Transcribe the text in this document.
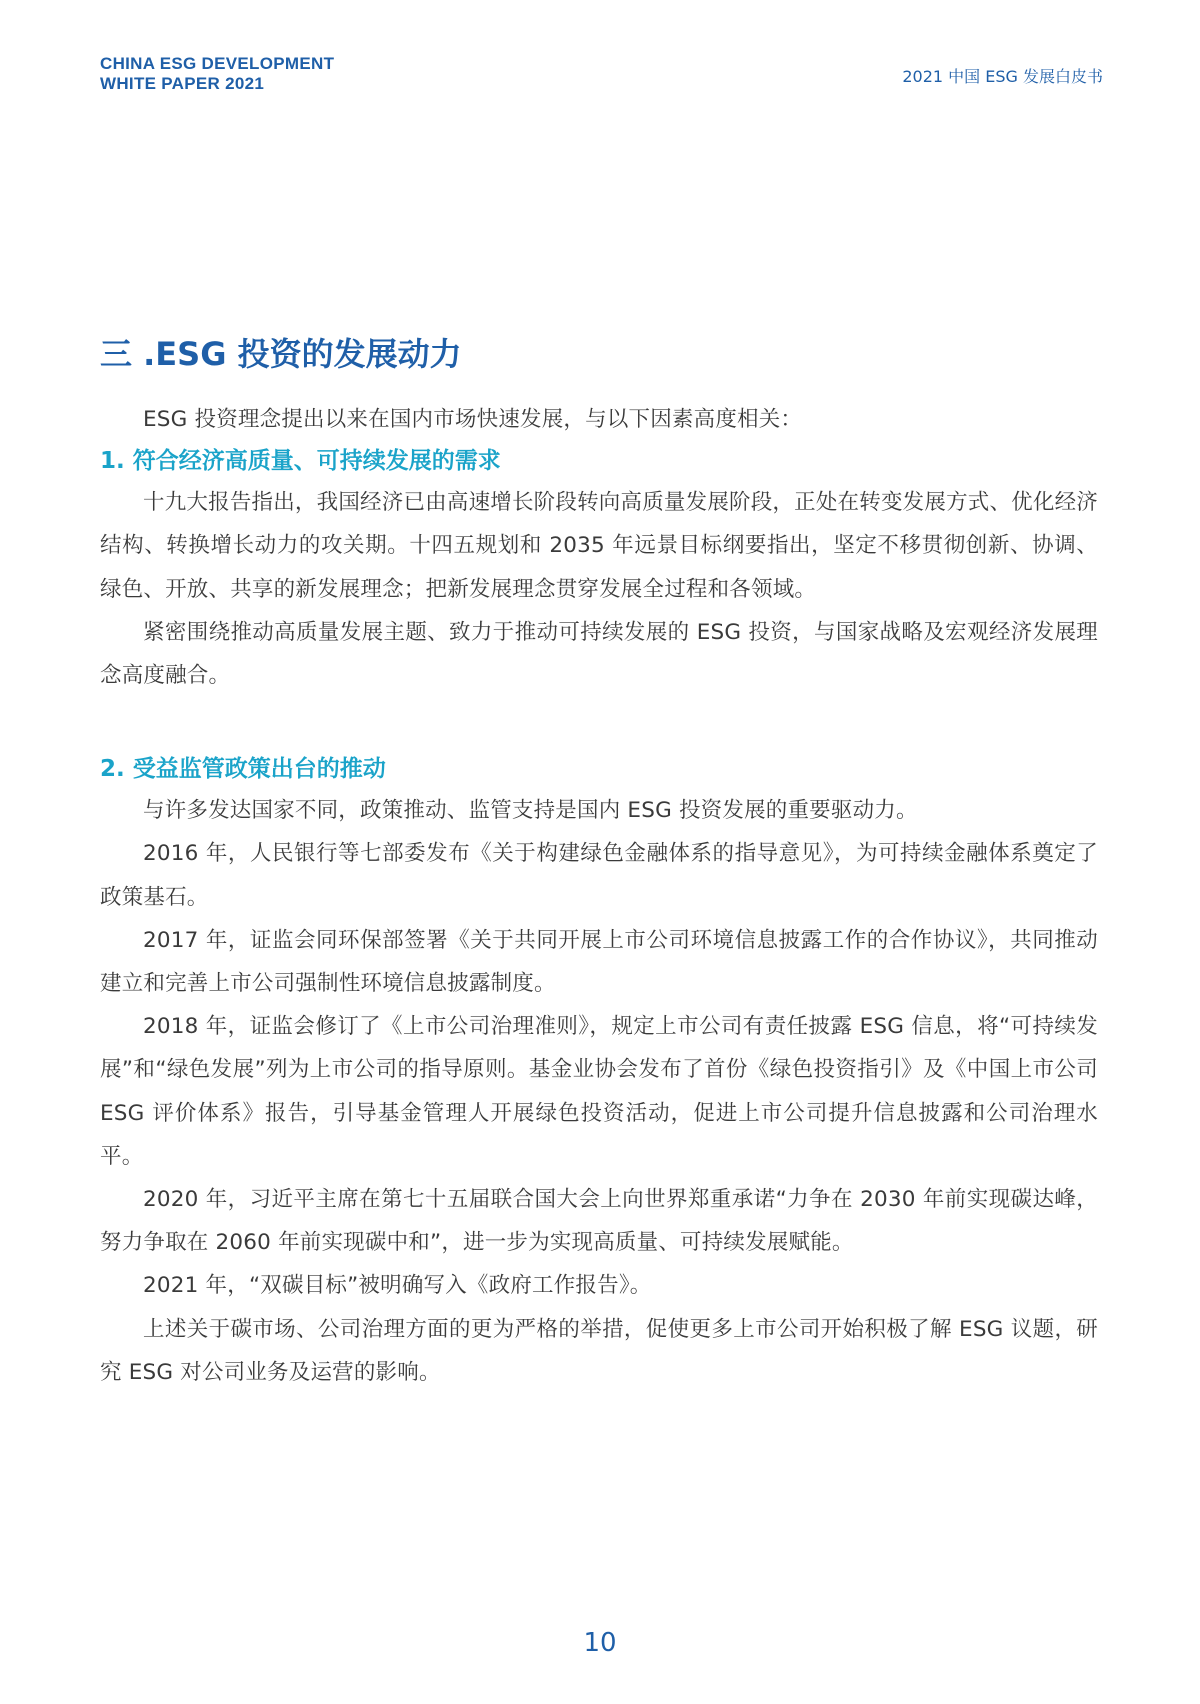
CHINA ESG DEVELOPMENT
WHITE PAPER 2021	2021 中国 ESG 发展白皮书
三 .ESG 投资的发展动力

ESG 投资理念提出以来在国内市场快速发展，与以下因素高度相关：

1. 符合经济高质量、可持续发展的需求

十九大报告指出，我国经济已由高速增长阶段转向高质量发展阶段，正处在转变发展方式、优化经济结构、转换增长动力的攻关期。十四五规划和 2035 年远景目标纲要指出，坚定不移贯彻创新、协调、绿色、开放、共享的新发展理念；把新发展理念贯穿发展全过程和各领域。

紧密围绕推动高质量发展主题、致力于推动可持续发展的 ESG 投资，与国家战略及宏观经济发展理念高度融合。

2. 受益监管政策出台的推动

与许多发达国家不同，政策推动、监管支持是国内 ESG 投资发展的重要驱动力。

2016 年，人民银行等七部委发布《关于构建绿色金融体系的指导意见》，为可持续金融体系奠定了政策基石。

2017 年，证监会同环保部签署《关于共同开展上市公司环境信息披露工作的合作协议》，共同推动建立和完善上市公司强制性环境信息披露制度。

2018 年，证监会修订了《上市公司治理准则》，规定上市公司有责任披露 ESG 信息，将“可持续发展”和“绿色发展”列为上市公司的指导原则。基金业协会发布了首份《绿色投资指引》及《中国上市公司 ESG 评价体系》报告，引导基金管理人开展绿色投资活动，促进上市公司提升信息披露和公司治理水平。

2020 年，习近平主席在第七十五届联合国大会上向世界郑重承诺“力争在 2030 年前实现碳达峰，努力争取在 2060 年前实现碳中和”，进一步为实现高质量、可持续发展赋能。

2021 年，“双碳目标”被明确写入《政府工作报告》。

上述关于碳市场、公司治理方面的更为严格的举措，促使更多上市公司开始积极了解 ESG 议题，研究 ESG 对公司业务及运营的影响。

10
